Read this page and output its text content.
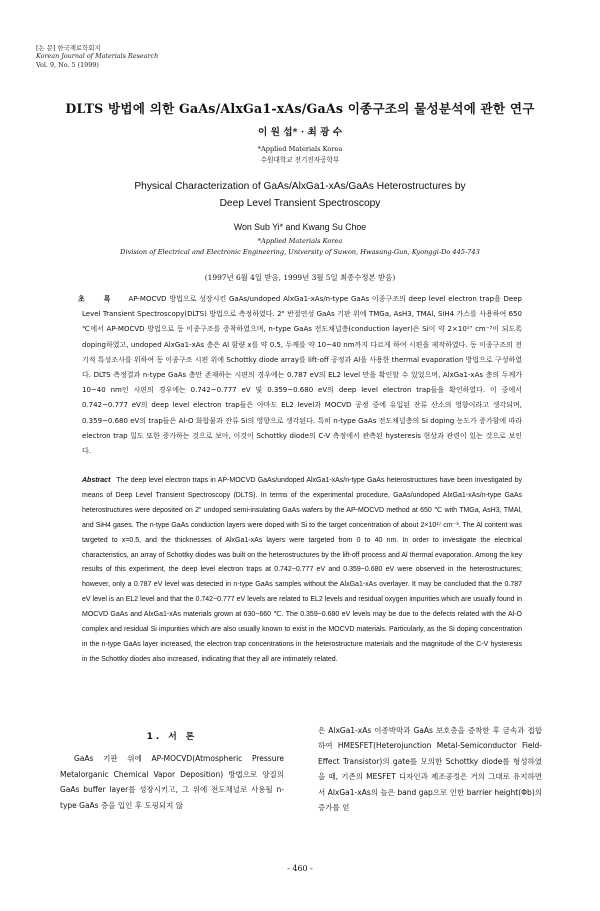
[논 문] 한국재료학회지
Korean Journal of Materials Research
Vol. 9, No. 5 (1999)
DLTS 방법에 의한 GaAs/AlxGa1-xAs/GaAs 이종구조의 물성분석에 관한 연구
이 원 섭* · 최 광 수
*Applied Materials Korea
수원대학교 전기전자공학부
Physical Characterization of GaAs/AlxGa1-xAs/GaAs Heterostructures by
Deep Level Transient Spectroscopy
Won Sub Yi* and Kwang Su Choe
*Applied Materials Korea
Division of Electrical and Electronic Engineering, University of Suwon, Hwasung-Gun, Kyonggi-Do 445-743
(1997년 6월 4일 받음, 1999년 3월 5일 최종수정본 받음)
초 록 AP-MOCVD 방법으로 성장시킨 GaAs/undoped AlxGa1-xAs/n-type GaAs 이종구조의 deep level electron trap을 Deep Level Transient Spectroscopy(DLTS) 방법으로 측정하였다. 2" 반절연성 GaAs 기판 위에 TMGa, AsH3, TMAl, SiH4 가스를 사용하여 650 ℃에서 AP-MOCVD 방법으로 동 이종구조를 증착하였으며, n-type GaAs 전도채널층(conduction layer)은 Si이 약 2×10¹⁷ cm⁻³이 되도록 doping하였고, undoped AlxGa1-xAs 층은 Al 함량 x를 약 0.5, 두께를 약 10~40 nm까지 다르게 하여 시편을 제작하였다. 동 이종구조의 전기적 특성조사를 위하여 동 이종구조 시편 위에 Schottky diode array를 lift-off 공정과 Al을 사용한 thermal evaporation 방법으로 구성하였다. DLTS 측정결과 n-type GaAs 층만 존재하는 시편의 경우에는 0.787 eV의 EL2 level 만을 확인할 수 있었으며, AlxGa1-xAs 층의 두께가 10~40 nm인 시편의 경우에는 0.742~0.777 eV 및 0.359~0.680 eV의 deep level electron trap들을 확인하였다. 이 중에서 0.742~0.777 eV의 deep level electron trap들은 아마도 EL2 level과 MOCVD 공정 중에 유입된 잔류 산소의 영향이라고 생각되며, 0.359~0.680 eV의 trap들은 Al-O 화합물과 잔류 Si의 영향으로 생각된다. 특히 n-type GaAs 전도채널층의 Si doping 농도가 증가함에 따라 electron trap 밀도 또한 증가하는 것으로 보아, 이것이 Schottky diode의 C-V 측정에서 관측된 hysteresis 현상과 관련이 있는 것으로 보인다.
Abstract The deep level electron traps in AP-MOCVD GaAs/undoped AlxGa1-xAs/n-type GaAs heterostructures have been investigated by means of Deep Level Transient Spectroscopy (DLTS). In terms of the experimental procedure, GaAs/undoped AlxGa1-xAs/n-type GaAs heterostructures were deposited on 2" undoped semi-insulating GaAs wafers by the AP-MOCVD method at 650 ℃ with TMGa, AsH3, TMAl, and SiH4 gases. The n-type GaAs conduction layers were doped with Si to the target concentration of about 2×10¹⁷ cm⁻³. The Al content was targeted to x=0.5, and the thicknesses of AlxGa1-xAs layers were targeted from 0 to 40 nm. In order to investigate the electrical characteristics, an array of Schottky diodes was built on the heterostructures by the lift-off process and Al thermal evaporation. Among the key results of this experiment, the deep level electron traps at 0.742~0.777 eV and 0.359~0.680 eV were observed in the heterostructures; however, only a 0.787 eV level was detected in n-type GaAs samples without the AlxGa1-xAs overlayer. It may be concluded that the 0.787 eV level is an EL2 level and that the 0.742~0.777 eV levels are related to EL2 levels and residual oxygen impurities which are usually found in MOCVD GaAs and AlxGa1-xAs materials grown at 630~660 ℃. The 0.359~0.680 eV levels may be due to the defects related with the Al-O complex and residual Si impurities which are also usually known to exist in the MOCVD materials. Particularly, as the Si doping concentration in the n-type GaAs layer increased, the electron trap concentrations in the heterostructure materials and the magnitude of the C-V hysteresis in the Schottky diodes also increased, indicating that they all are intimately related.
1. 서 론
GaAs 기판 위에 AP-MOCVD(Atmospheric Pressure Metalorganic Chemical Vapor Deposition) 방법으로 양질의 GaAs buffer layer를 성장시키고, 그 위에 전도채널로 사용될 n-type GaAs 층을 입인 후 도핑되지 않
은 AlxGa1-xAs 이종박막과 GaAs 보호층을 증착한 후 금속과 접합하여 HMESFET(Heterojunction Metal-Semiconductor Field-Effect Transistor)의 gate를 모의한 Schottky diode를 형성하였을 때, 기존의 MESFET 디자인과 제조공정은 거의 그대로 유지하면서 AlxGa1-xAs의 높은 band gap으로 인한 barrier height(Φb)의 증가를 얻
- 460 -
